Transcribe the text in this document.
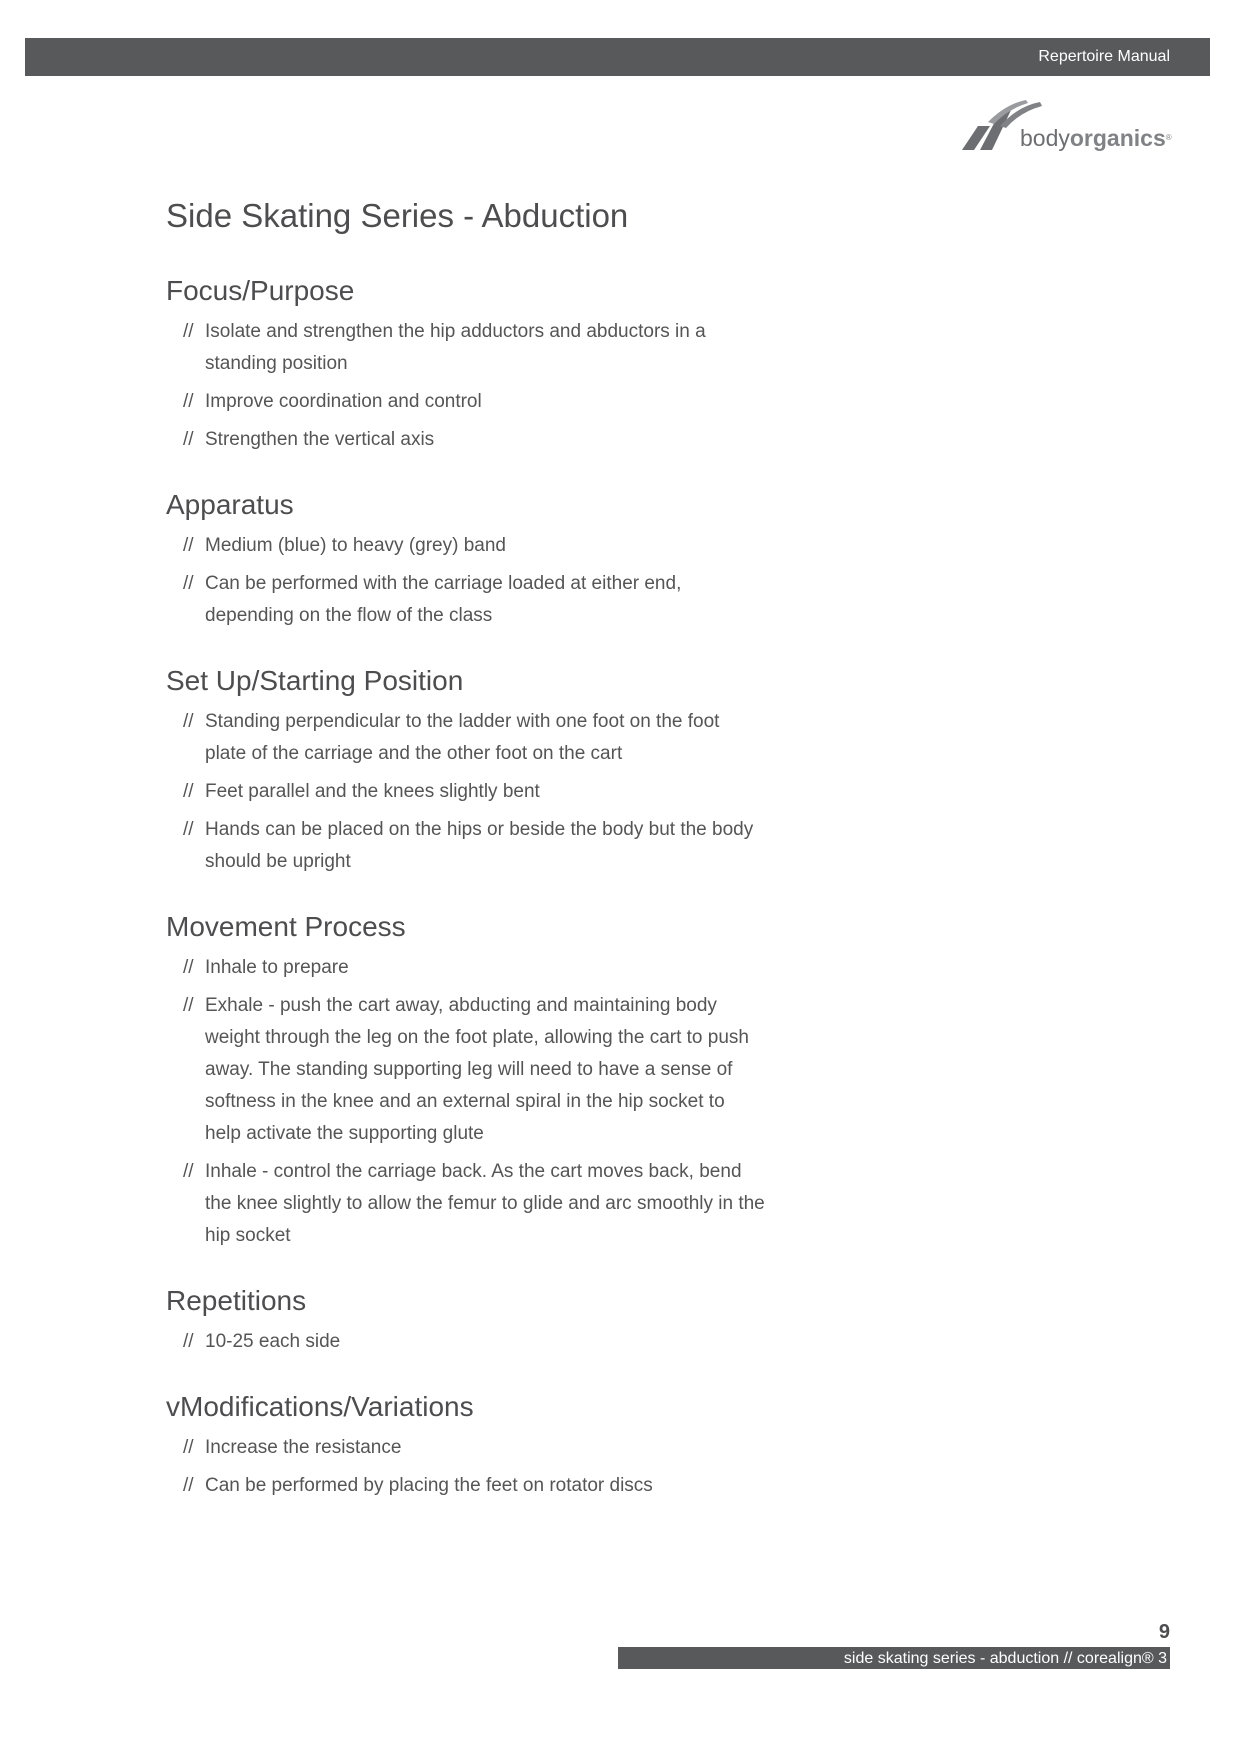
Repertoire Manual
bodyorganics®
Side Skating Series - Abduction
Focus/Purpose
// Isolate and strengthen the hip adductors and abductors in a standing position
// Improve coordination and control
// Strengthen the vertical axis
Apparatus
// Medium (blue) to heavy (grey) band
// Can be performed with the carriage loaded at either end, depending on the flow of the class
Set Up/Starting Position
// Standing perpendicular to the ladder with one foot on the foot plate of the carriage and the other foot on the cart
// Feet parallel and the knees slightly bent
// Hands can be placed on the hips or beside the body but the body should be upright
Movement Process
// Inhale to prepare
// Exhale - push the cart away, abducting and maintaining body weight through the leg on the foot plate, allowing the cart to push away. The standing supporting leg will need to have a sense of softness in the knee and an external spiral in the hip socket to help activate the supporting glute
// Inhale - control the carriage back. As the cart moves back, bend the knee slightly to allow the femur to glide and arc smoothly in the hip socket
Repetitions
// 10-25 each side
vModifications/Variations
// Increase the resistance
// Can be performed by placing the feet on rotator discs
9
side skating series - abduction // corealign® 3
